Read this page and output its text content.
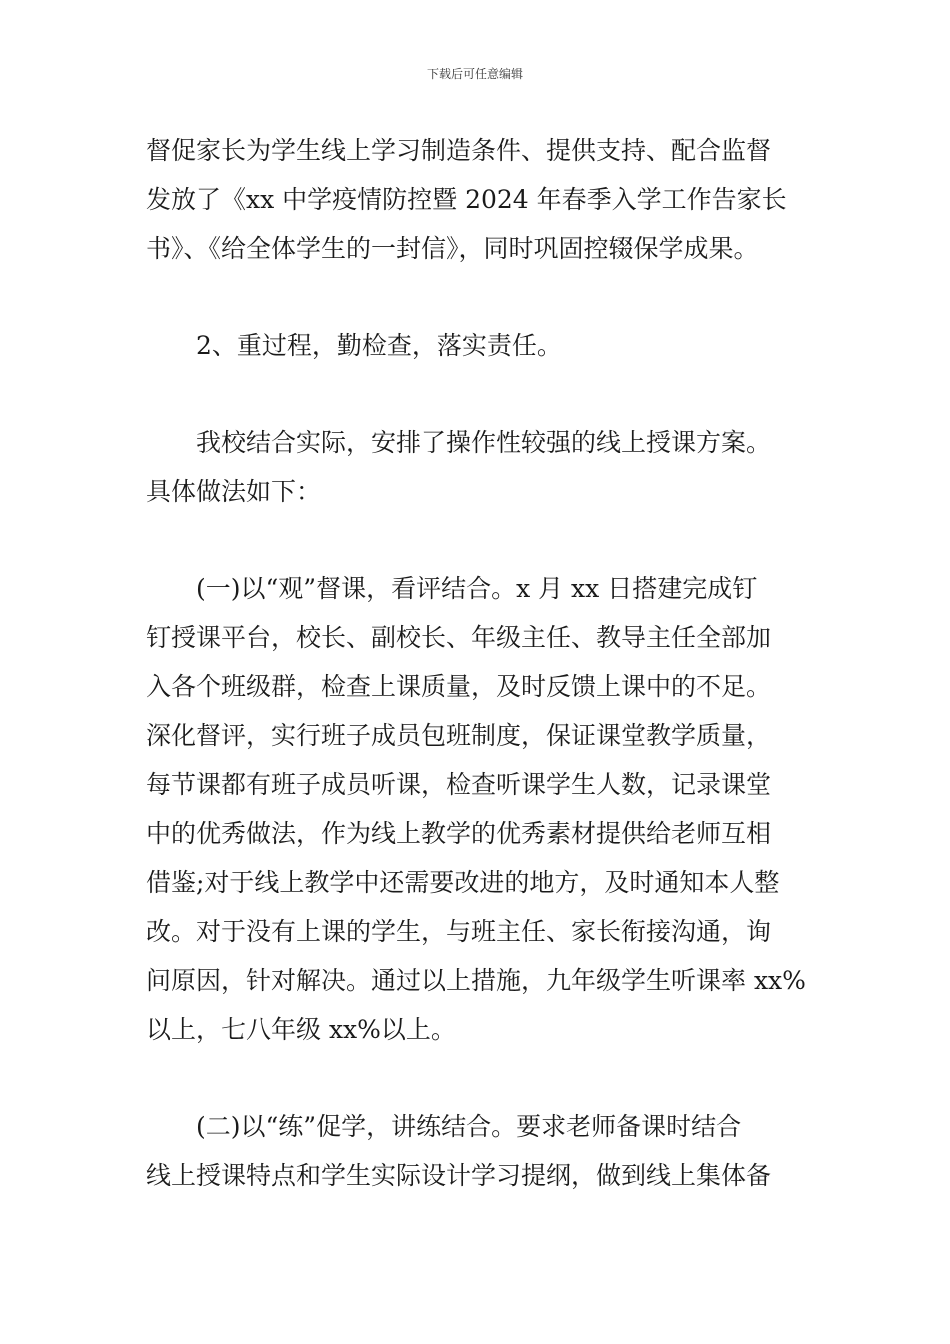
下载后可任意编辑
督促家长为学生线上学习制造条件、提供支持、配合监督
发放了《xx 中学疫情防控暨 2024 年春季入学工作告家长
书》、《给全体学生的一封信》，同时巩固控辍保学成果。
2、重过程，勤检查，落实责任。
我校结合实际，安排了操作性较强的线上授课方案。
具体做法如下：
(一)以“观”督课，看评结合。x 月 xx 日搭建完成钉
钉授课平台，校长、副校长、年级主任、教导主任全部加
入各个班级群，检查上课质量，及时反馈上课中的不足。
深化督评，实行班子成员包班制度，保证课堂教学质量，
每节课都有班子成员听课，检查听课学生人数，记录课堂
中的优秀做法，作为线上教学的优秀素材提供给老师互相
借鉴;对于线上教学中还需要改进的地方，及时通知本人整
改。对于没有上课的学生，与班主任、家长衔接沟通，询
问原因，针对解决。通过以上措施，九年级学生听课率 xx%
以上，七八年级 xx%以上。
(二)以“练”促学，讲练结合。要求老师备课时结合
线上授课特点和学生实际设计学习提纲，做到线上集体备
